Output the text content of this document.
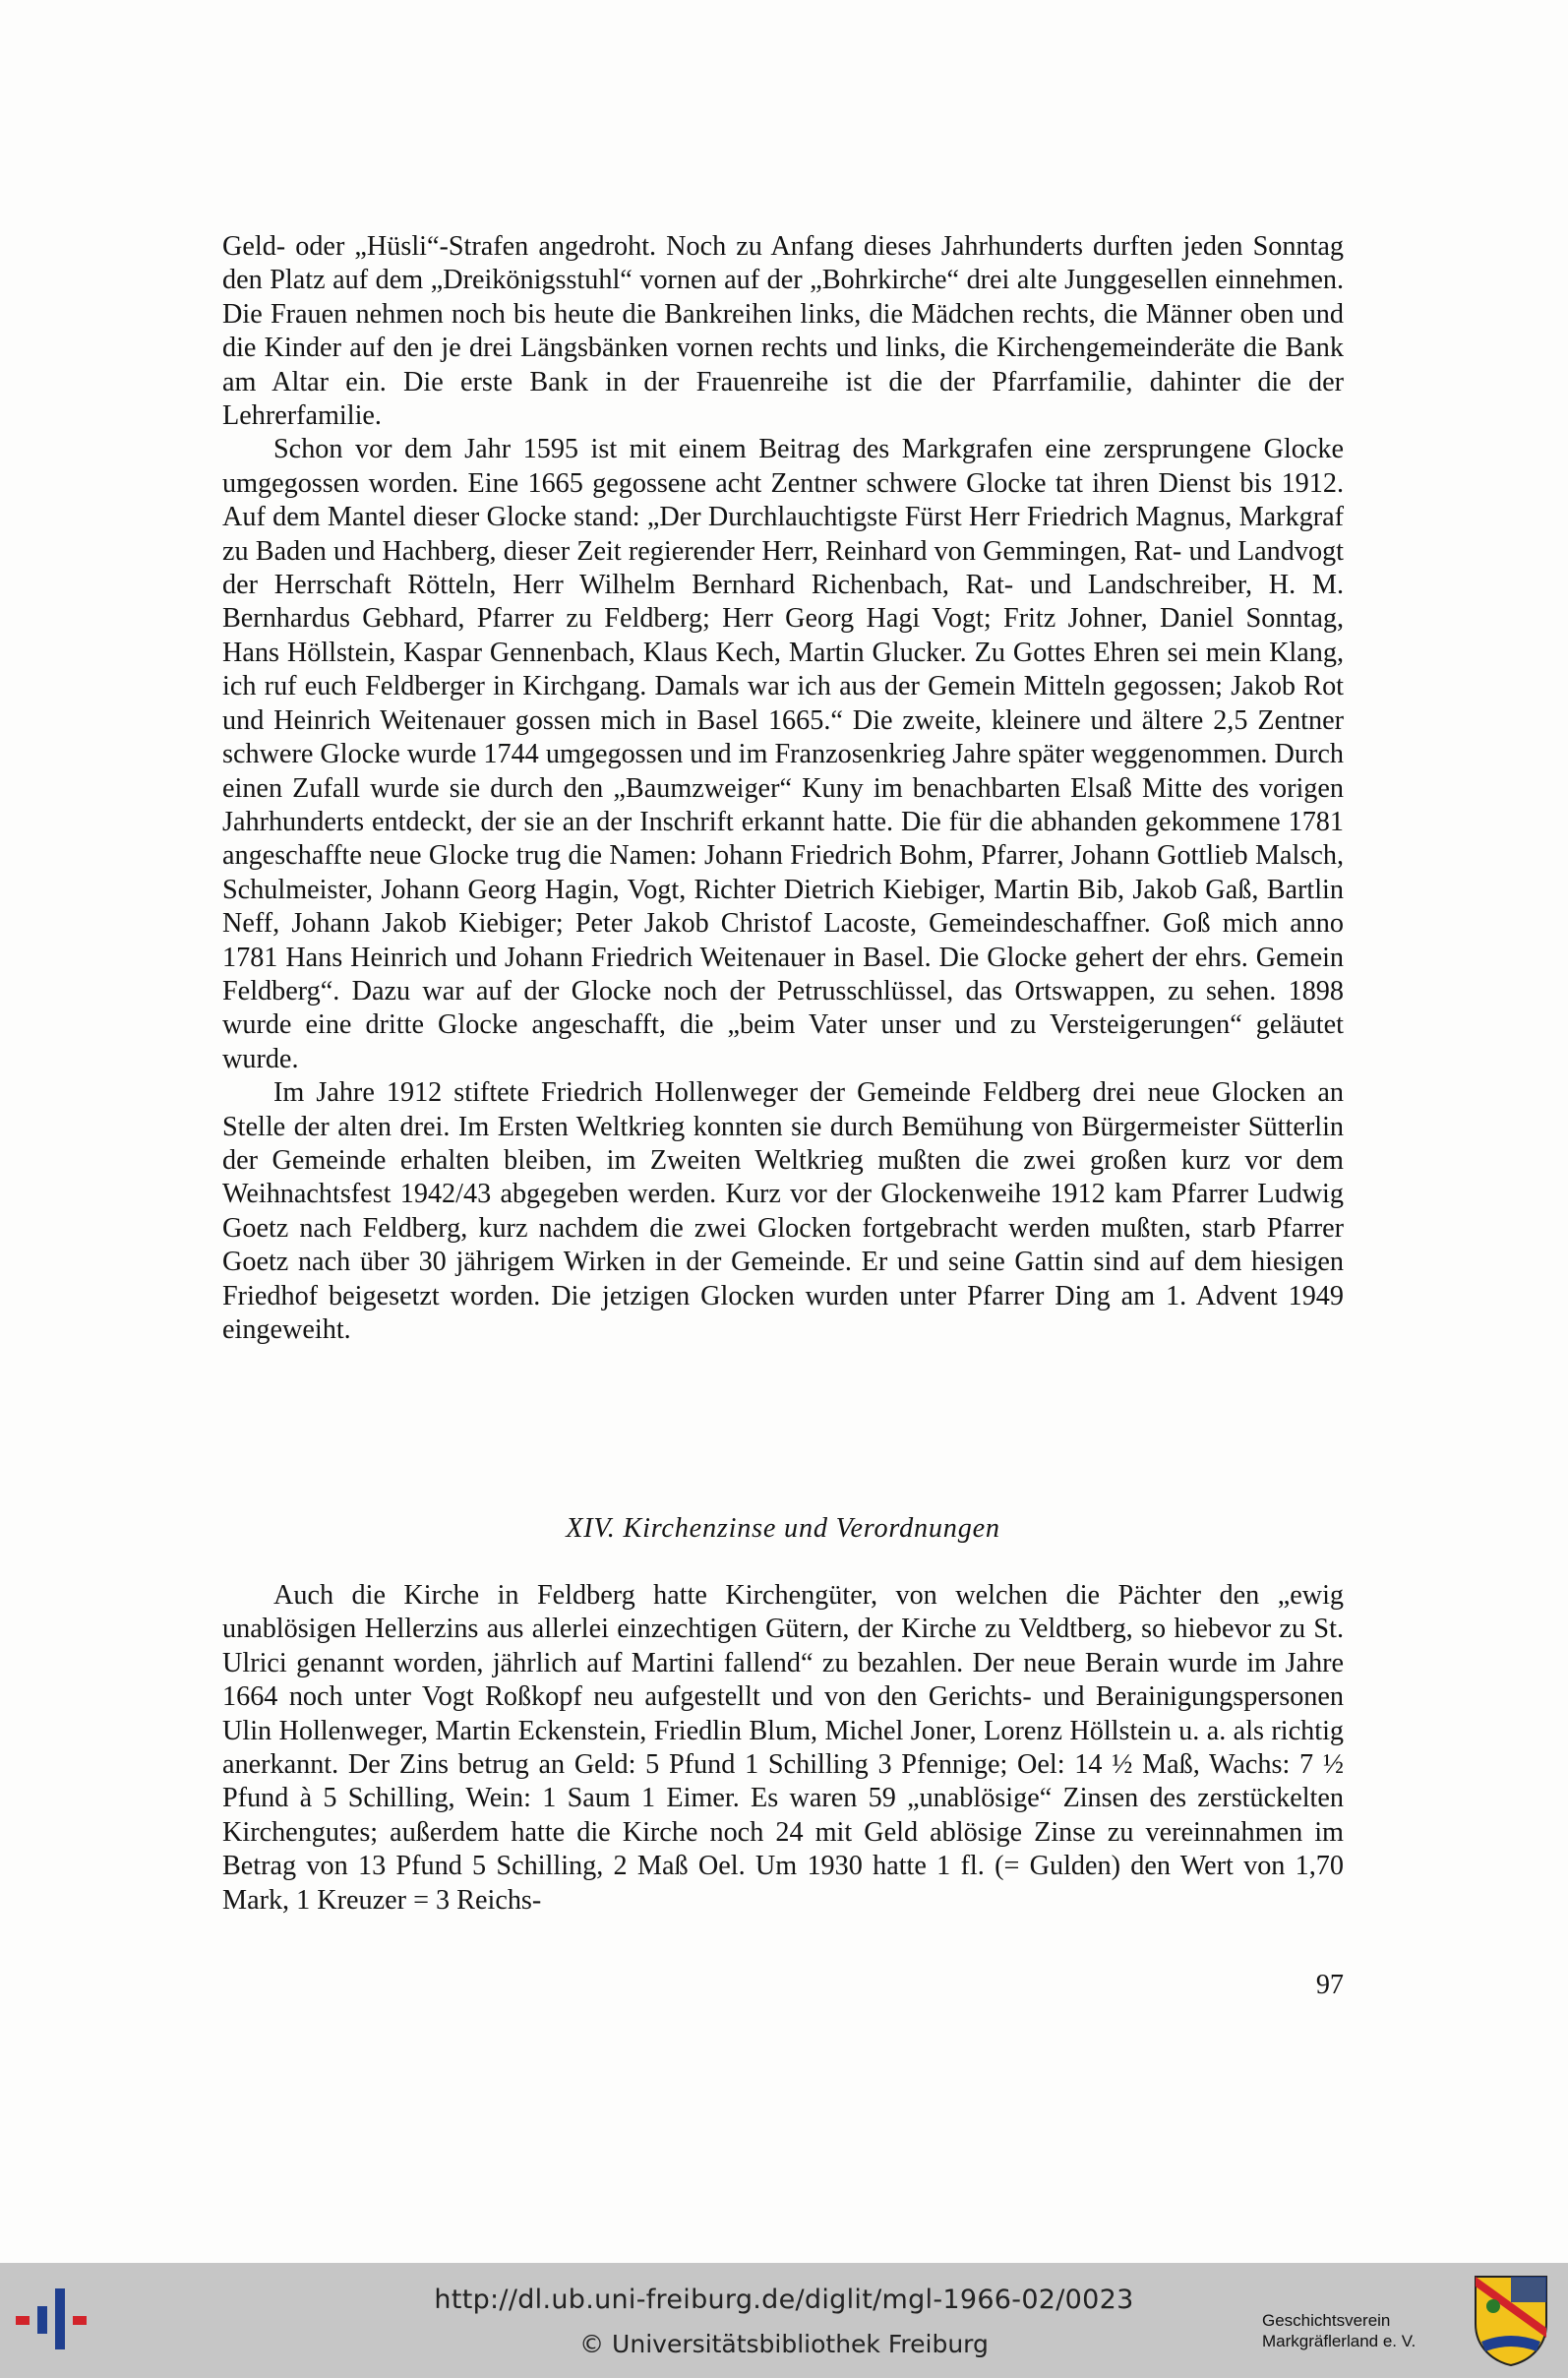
Geld- oder „Hüsli“-Strafen angedroht. Noch zu Anfang dieses Jahrhunderts durften jeden Sonntag den Platz auf dem „Dreikönigsstuhl“ vornen auf der „Bohrkirche“ drei alte Junggesellen einnehmen. Die Frauen nehmen noch bis heute die Bankreihen links, die Mädchen rechts, die Männer oben und die Kinder auf den je drei Längsbänken vornen rechts und links, die Kirchengemeinderäte die Bank am Altar ein. Die erste Bank in der Frauenreihe ist die der Pfarrfamilie, dahinter die der Lehrerfamilie.

Schon vor dem Jahr 1595 ist mit einem Beitrag des Markgrafen eine zersprungene Glocke umgegossen worden. Eine 1665 gegossene acht Zentner schwere Glocke tat ihren Dienst bis 1912. Auf dem Mantel dieser Glocke stand: „Der Durchlauchtigste Fürst Herr Friedrich Magnus, Markgraf zu Baden und Hachberg, dieser Zeit regierender Herr, Reinhard von Gemmingen, Rat- und Landvogt der Herrschaft Rötteln, Herr Wilhelm Bernhard Richenbach, Rat- und Landschreiber, H. M. Bernhardus Gebhard, Pfarrer zu Feldberg; Herr Georg Hagi Vogt; Fritz Johner, Daniel Sonntag, Hans Höllstein, Kaspar Gennenbach, Klaus Kech, Martin Glucker. Zu Gottes Ehren sei mein Klang, ich ruf euch Feldberger in Kirchgang. Damals war ich aus der Gemein Mitteln gegossen; Jakob Rot und Heinrich Weitenauer gossen mich in Basel 1665.“ Die zweite, kleinere und ältere 2,5 Zentner schwere Glocke wurde 1744 umgegossen und im Franzosenkrieg Jahre später weggenommen. Durch einen Zufall wurde sie durch den „Baumzweiger“ Kuny im benachbarten Elsaß Mitte des vorigen Jahrhunderts entdeckt, der sie an der Inschrift erkannt hatte. Die für die abhanden gekommene 1781 angeschaffte neue Glocke trug die Namen: Johann Friedrich Bohm, Pfarrer, Johann Gottlieb Malsch, Schulmeister, Johann Georg Hagin, Vogt, Richter Dietrich Kiebiger, Martin Bib, Jakob Gaß, Bartlin Neff, Johann Jakob Kiebiger; Peter Jakob Christof Lacoste, Gemeindeschaffner. Goß mich anno 1781 Hans Heinrich und Johann Friedrich Weitenauer in Basel. Die Glocke gehert der ehrs. Gemein Feldberg“. Dazu war auf der Glocke noch der Petrusschlüssel, das Ortswappen, zu sehen. 1898 wurde eine dritte Glocke angeschafft, die „beim Vater unser und zu Versteigerungen“ geläutet wurde.

Im Jahre 1912 stiftete Friedrich Hollenweger der Gemeinde Feldberg drei neue Glocken an Stelle der alten drei. Im Ersten Weltkrieg konnten sie durch Bemühung von Bürgermeister Sütterlin der Gemeinde erhalten bleiben, im Zweiten Weltkrieg mußten die zwei großen kurz vor dem Weihnachtsfest 1942/43 abgegeben werden. Kurz vor der Glockenweihe 1912 kam Pfarrer Ludwig Goetz nach Feldberg, kurz nachdem die zwei Glocken fortgebracht werden mußten, starb Pfarrer Goetz nach über 30 jährigem Wirken in der Gemeinde. Er und seine Gattin sind auf dem hiesigen Friedhof beigesetzt worden. Die jetzigen Glocken wurden unter Pfarrer Ding am 1. Advent 1949 eingeweiht.

XIV. Kirchenzinse und Verordnungen

Auch die Kirche in Feldberg hatte Kirchengüter, von welchen die Pächter den „ewig unablösigen Hellerzins aus allerlei einzechtigen Gütern, der Kirche zu Veldtberg, so hiebevor zu St. Ulrici genannt worden, jährlich auf Martini fallend“ zu bezahlen. Der neue Berain wurde im Jahre 1664 noch unter Vogt Roßkopf neu aufgestellt und von den Gerichts- und Berainigungspersonen Ulin Hollenweger, Martin Eckenstein, Friedlin Blum, Michel Joner, Lorenz Höllstein u. a. als richtig anerkannt. Der Zins betrug an Geld: 5 Pfund 1 Schilling 3 Pfennige; Oel: 14 ½ Maß, Wachs: 7 ½ Pfund à 5 Schilling, Wein: 1 Saum 1 Eimer. Es waren 59 „unablösige“ Zinsen des zerstückelten Kirchengutes; außerdem hatte die Kirche noch 24 mit Geld ablösige Zinse zu vereinnahmen im Betrag von 13 Pfund 5 Schilling, 2 Maß Oel. Um 1930 hatte 1 fl. (= Gulden) den Wert von 1,70 Mark, 1 Kreuzer = 3 Reichs-

97
http://dl.ub.uni-freiburg.de/diglit/mgl-1966-02/0023
© Universitätsbibliothek Freiburg
Geschichtsverein
Markgräflerland e. V.
